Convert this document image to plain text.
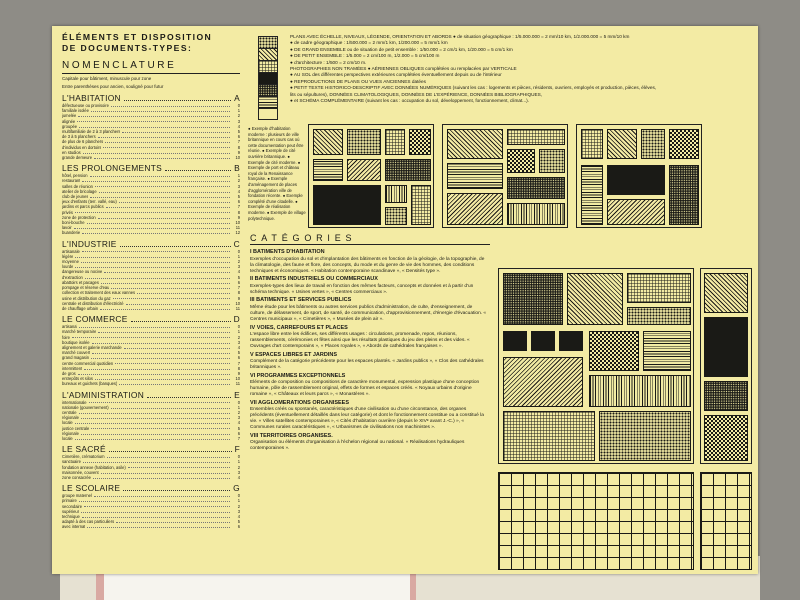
ÉLÉMENTS ET DISPOSITION
DE DOCUMENTS-TYPES:
NOMENCLATURE
Capitale pour bâtiment, minuscule pour zone
Entre parenthèses pour ancien, souligné pour futur
L'HABITATION	A
défectueuse ou provisoire	0
familiale isolée	1
jumelée	2
alignée	3
groupée	4
multifamiliale de 2 à 3 planchers	5
de 3 à 5 planchers	6
de plus de 6 planchers	7
d'individus en dortoirs	8
en studios	9
grande demeure	10
LES PROLONGEMENTS	B
hôtel, pension	1
restaurant	2
salles de réunion	3
atelier de bricolage	4
club de jeunes	5
jeux d'enfants (terr. vallé, eau)	6
jardins et parcs publics	7
privés	8
zone de protection	9
boni-bouche	10
lavoir	11
buanderie	12
L'INDUSTRIE	C
artisanale	0
légère	1
moyenne	2
lourde	3
dangereuse ou nocive	4
d'extraction	5
abattoirs et pacages	6
pompage et réserve d'eau	7
collection et traitement des eaux vannes	8
usine et distribution du gaz	9
centrale et distribution d'électricité	10
de chauffage urbain	11
LE COMMERCE	D
artisanal	0
marché temporaire	1
foire	2
boutique isolée	3
alignement et galerie marchande	4
marché couvert	5
grand magasin	6
centre commercial quotidien	7
intermittent	8
de gros	9
entrepôts et silos	10
bureaux et guichets (banques)	11
L'ADMINISTRATION	E
internationale	0
nationale (gouvernement)	1
centrale	2
régionale	3
locale	4
justice centrale	5
régionale	6
locale	7
LE SACRÉ	F
Cimetière, crématorium	0
sanctuaire	1
fondation annexe (habitation, asile)	2
maisonnée, couvent	3
zone consacrée	4
LE SCOLAIRE	G
groupe maternel	0
primaire	1
secondaire	2
supérieur	3
technique	4
adapté à des cas particuliers	5
avec internat	6
PLANS AVEC ÉCHELLE, NIVEAUX, LÉGENDE, ORIENTATION ET ABORDS ● de situation géographique : 1/5.000.000 = 2 mm/10 km, 1/2.000.000 = 5 mm/10 km
● de cadre géographique : 1/500.000 = 2 mm/1 km, 1/200.000 = 5 mm/1 km
● DE GRAND ENSEMBLE ou de situation de petit ensemble : 1/50.000 = 2 cm/1 km, 1/20.000 = 5 cm/1 km
● DE PETIT ENSEMBLE : 1/5.000 = 2 cm/100 m, 1/2.000 = 5 cm/100 m
● d'architecture : 1/500 = 2 cm/10 m.
PHOTOGRAPHIES NON TRAMÉES ● AÉRIENNES OBLIQUES complétées ou remplacées par VERTICALE
● AU SOL des différentes perspectives extérieures complétées éventuellement depuis ou de l'intérieur
● REPRODUCTIONS DE PLANS OU VUES ANCIENNES datées
● PETIT TEXTE HISTORICO-DESCRIPTIF AVEC DONNÉES NUMÉRIQUES (suivant les cas : logements et pièces, résidents, ouvriers, employés et production, pièces, élèves,
lits ou sépultures), DONNÉES CLIMATOLOGIQUES, DONNÉES DE L'EXPÉRIENCE, DONNÉES BIBLIOGRAPHIQUES,
● et SCHÉMA COMPLÉMENTAIRE (suivant les cas : occupation du sol, développement, fonctionnement, climat...).
● Exemple d'habitation moderne : plusieurs de ville britannique en cours cas où cette documentation peut être réunie. ● Exemple de cité ouvrière britannique. ● Exemple de cité moderne. ● Exemple de port et château royal de la Renaissance française. ● Exemple d'aménagement de places d'agglomération ville de fondation récente. ● Exemple complété d'une citadelle. ● Exemple de réalisation moderne. ● Exemple de village polytechnique.
CATÉGORIES
I BATIMENTS D'HABITATION
Exemples d'occupation du sol et d'implantation des bâtiments en fonction de la géologie, de la topographie, de la climatologie, des faune et flore, des concepts, du mode et du genre de vie des hommes, des conditions techniques et économiques. « Habitation contemporaine scandinave », « Densités type ».
II BATIMENTS INDUSTRIELS OU COMMERCIAUX
Exemples-types des lieux de travail en fonction des mêmes facteurs, concepts et données et à partir d'un schéma technique. « Usines vertes », « Centres commerciaux ».
III BATIMENTS ET SERVICES PUBLICS
Même étude pour les bâtiments ou autres services publics d'administration, de culte, d'enseignement, de culture, de délassement, de sport, de santé, de communication, d'approvisionnement, d'énergie d'évacuation. « Centres municipaux », « Cimetières », « Musées de plein air ».
IV VOIES, CARREFOURS ET PLACES
L'espace libre entre les édifices, ses différents usages : circulations, promenade, repos, réunions, rassemblements, cérémonies et fêtes ainsi que les résultats plastiques du jeu des pleins et des vides. « Ouvrages d'art contemporains », « Places royales », « Abords de cathédrales françaises ».
V ESPACES LIBRES ET JARDINS
Complément de la catégorie précédente pour les espaces plantés. « Jardins publics », « Clos des cathédrales britanniques ».
VI PROGRAMMES EXCEPTIONNELS
Eléments de composition ou compositions de caractère monumental, expression plastique d'une conception humaine, pôle de rassemblement original, effets de formes et espaces créés. « Noyaux urbains d'origine romaine », « Châteaux et leurs parcs », « Monastères ».
VII AGGLOMERATIONS ORGANISEES
Ensembles créés ou spontanés, caractéristiques d'une civilisation ou d'une circonstance, des organes précédents (éventuellement détaillés dans leur catégorie) et dont le fonctionnement constitue ou a constitué la vie. « Villes satellites contemporaines », « Cités d'habitation ouvrière (depuis le XIVᵉ avant J.-C.) », « Communes rurales caractéristiques », « Urbanismes de civilisations non machinistes ».
VIII TERRITOIRES ORGANISES.
Organisation ou éléments d'organisation à l'échelon régional ou national. « Réalisations hydrauliques contemporaines ».
